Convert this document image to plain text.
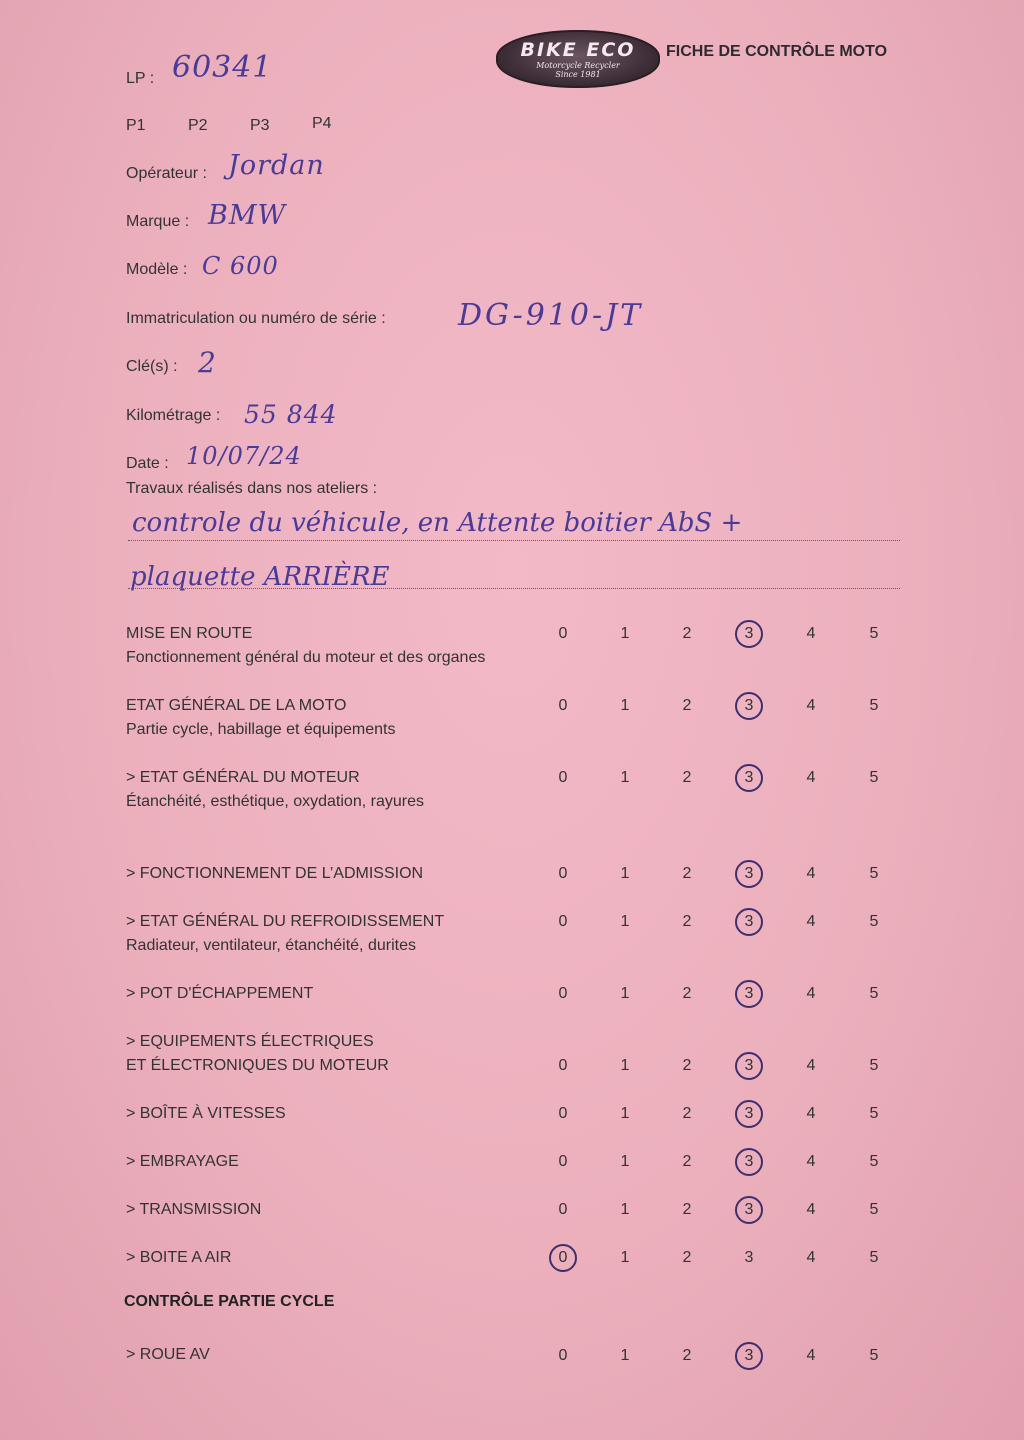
BIKE ECO
Motorcycle Recycler
Since 1981
FICHE DE CONTRÔLE MOTO
LP : 60341
P1	P2	P3	P4
Opérateur : Jordan
Marque : BMW
Modèle : C 600
Immatriculation ou numéro de série : DG-910-JT
Clé(s) : 2
Kilométrage : 55 844
Date : 10/07/24
Travaux réalisés dans nos ateliers :
controle du véhicule, en Attente boitier AbS +
plaquette ARRIÈRE
CONTRÔLE PARTIE CYCLE
MISE EN ROUTE
Fonctionnement général du moteur et des organes
0	1	2	3	4	5
ETAT GÉNÉRAL DE LA MOTO
Partie cycle, habillage et équipements
0	1	2	3	4	5
> ETAT GÉNÉRAL DU MOTEUR
Étanchéité, esthétique, oxydation, rayures
0	1	2	3	4	5
> FONCTIONNEMENT DE L’ADMISSION	0	1	2	3	4	5
> ETAT GÉNÉRAL DU REFROIDISSEMENT
Radiateur, ventilateur, étanchéité, durites
0	1	2	3	4	5
> POT D'ÉCHAPPEMENT	0	1	2	3	4	5
> EQUIPEMENTS ÉLECTRIQUES
ET ÉLECTRONIQUES DU MOTEUR	0	1	2	3	4	5
> BOÎTE À VITESSES	0	1	2	3	4	5
> EMBRAYAGE	0	1	2	3	4	5
> TRANSMISSION	0	1	2	3	4	5
> BOITE A AIR	0	1	2	3	4	5
> ROUE AV	0	1	2	3	4	5
